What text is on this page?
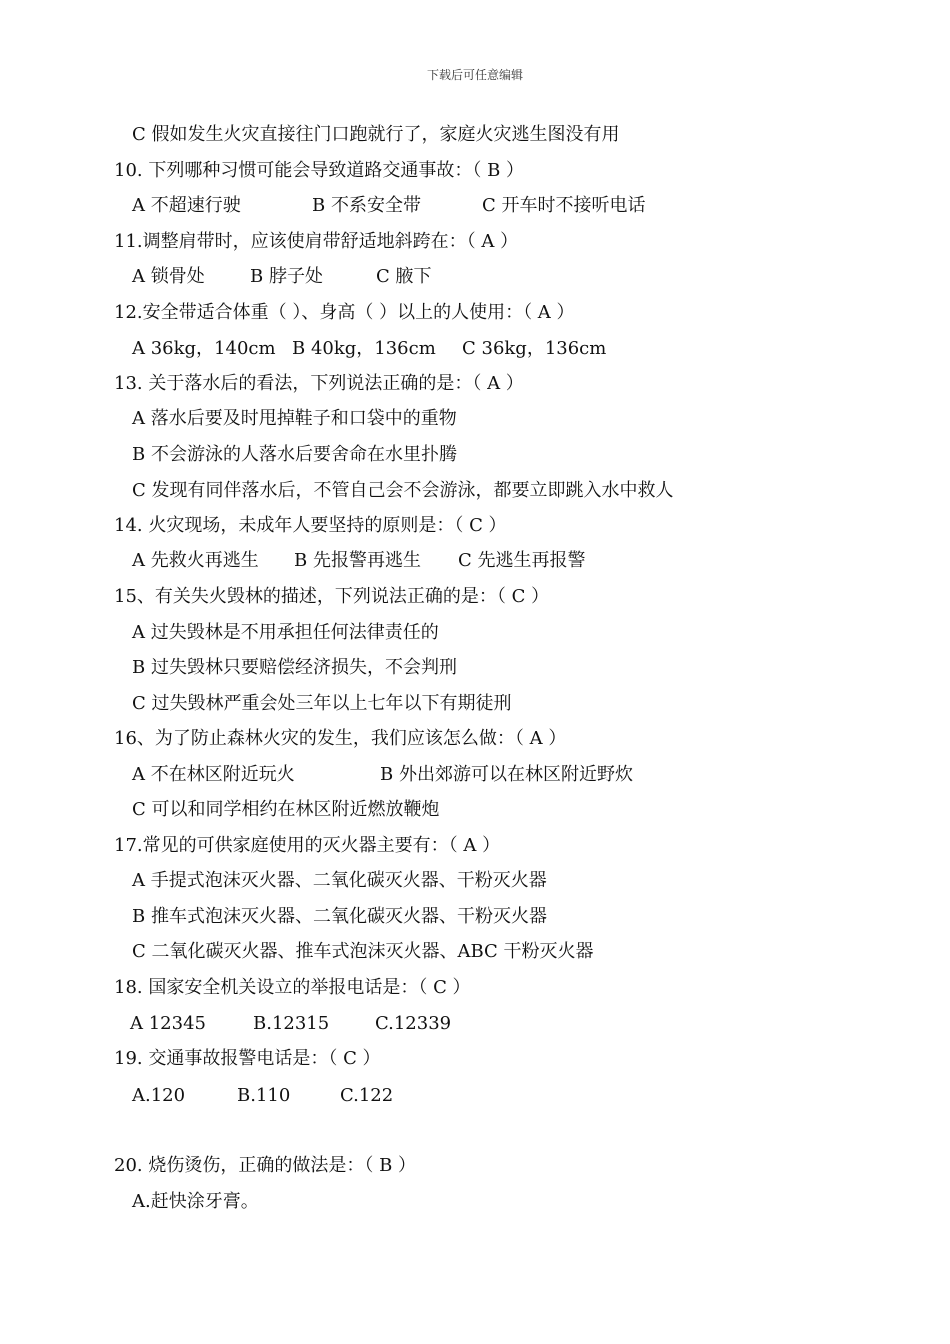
下载后可任意编辑
C 假如发生火灾直接往门口跑就行了，家庭火灾逃生图没有用
10. 下列哪种习惯可能会导致道路交通事故：（ B ）
A 不超速行驶	B 不系安全带	C 开车时不接听电话
11.调整肩带时，应该使肩带舒适地斜跨在：（ A ）
A 锁骨处	B 脖子处	C 腋下
12.安全带适合体重（ ）、身高（ ）以上的人使用：（ A ）
A 36kg，140cm B 40kg，136cm C 36kg，136cm
13. 关于落水后的看法，下列说法正确的是：（ A ）
A 落水后要及时甩掉鞋子和口袋中的重物
B 不会游泳的人落水后要舍命在水里扑腾
C 发现有同伴落水后，不管自己会不会游泳，都要立即跳入水中救人
14. 火灾现场，未成年人要坚持的原则是：（ C ）
A 先救火再逃生 B 先报警再逃生 C 先逃生再报警
15、有关失火毁林的描述，下列说法正确的是：（ C ）
A 过失毁林是不用承担任何法律责任的
B 过失毁林只要赔偿经济损失，不会判刑
C 过失毁林严重会处三年以上七年以下有期徒刑
16、为了防止森林火灾的发生，我们应该怎么做：（ A ）
A 不在林区附近玩火	B 外出郊游可以在林区附近野炊
C 可以和同学相约在林区附近燃放鞭炮
17.常见的可供家庭使用的灭火器主要有：（ A ）
A 手提式泡沫灭火器、二氧化碳灭火器、干粉灭火器
B 推车式泡沫灭火器、二氧化碳灭火器、干粉灭火器
C 二氧化碳灭火器、推车式泡沫灭火器、ABC 干粉灭火器
18. 国家安全机关设立的举报电话是：（ C ）
A 12345	B.12315	C.12339
19. 交通事故报警电话是：（ C ）
A.120	B.110	C.122
20. 烧伤烫伤，正确的做法是：（ B ）
A.赶快涂牙膏。
